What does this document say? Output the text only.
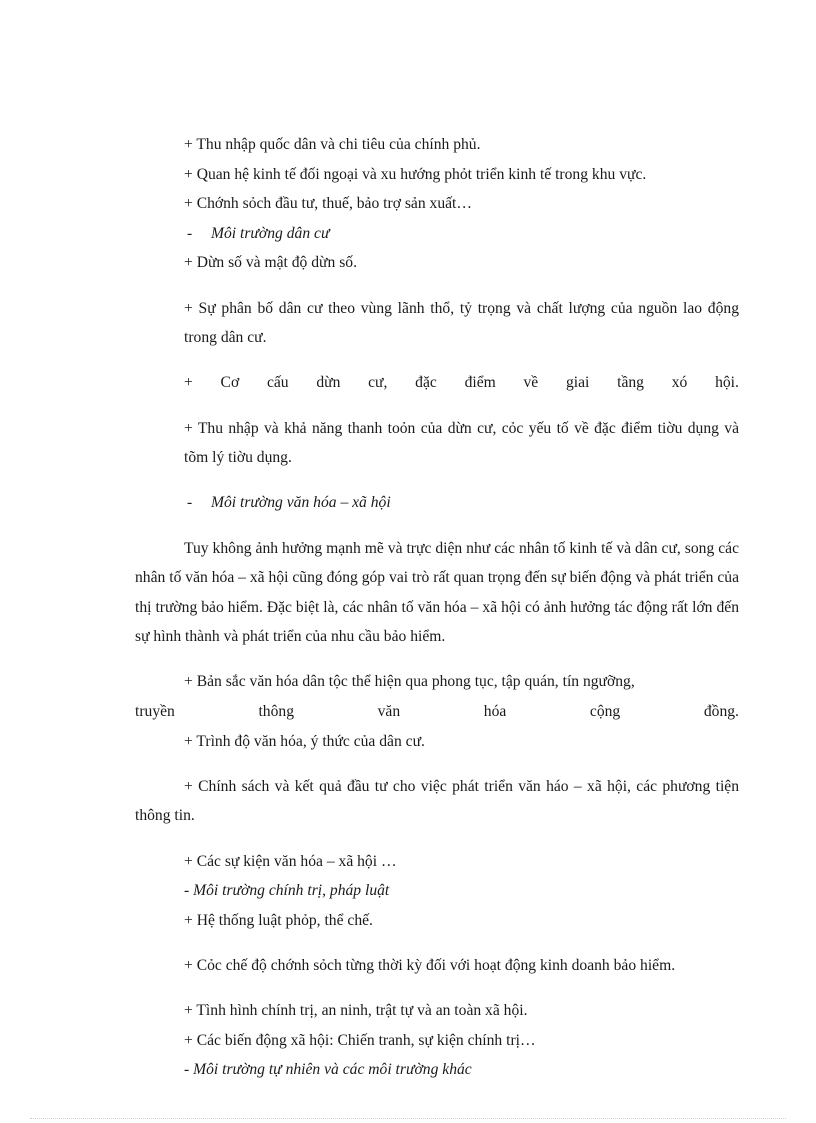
+ Thu nhập quốc dân và chi tiêu của chính phủ.

+ Quan hệ kinh tế đối ngoại và xu hướng phỏt triển kinh tế trong khu vực.

+ Chớnh sỏch đầu tư, thuế, bảo trợ sản xuất…

- Môi trường dân cư

+ Dừn số và mật độ dừn số.

+ Sự phân bố dân cư theo vùng lãnh thổ, tỷ trọng và chất lượng của nguồn lao động trong dân cư.

+ Cơ cấu dừn cư, đặc điểm về giai tầng xó hội.

+ Thu nhập và khả năng thanh toỏn của dừn cư, cỏc yếu tố về đặc điểm tiờu dụng và tõm lý tiờu dụng.

- Môi trường văn hóa – xã hội

Tuy không ảnh hưởng mạnh mẽ và trực diện như các nhân tố kinh tế và dân cư, song các nhân tố văn hóa – xã hội cũng đóng góp vai trò rất quan trọng đến sự biến động và phát triển của thị trường bảo hiểm. Đặc biệt là, các nhân tố văn hóa – xã hội có ảnh hưởng tác động rất lớn đến sự hình thành và phát triển của nhu cầu bảo hiểm.

+ Bản sắc văn hóa dân tộc thể hiện qua phong tục, tập quán, tín ngưỡng,

truyền	thông	văn	hóa	cộng	đồng.

+ Trình độ văn hóa, ý thức của dân cư.

+ Chính sách và kết quả đầu tư cho việc phát triển văn háo – xã hội, các phương tiện thông tin.

+ Các sự kiện văn hóa – xã hội …

- Môi trường chính trị, pháp luật

+ Hệ thống luật phỏp, thể chế.

+ Cỏc chế độ chớnh sỏch từng thời kỳ đối với hoạt động kinh doanh bảo hiểm.

+ Tình hình chính trị, an ninh, trật tự và an toàn xã hội.

+ Các biến động xã hội: Chiến tranh, sự kiện chính trị…

- Môi trường tự nhiên và các môi trường khác
